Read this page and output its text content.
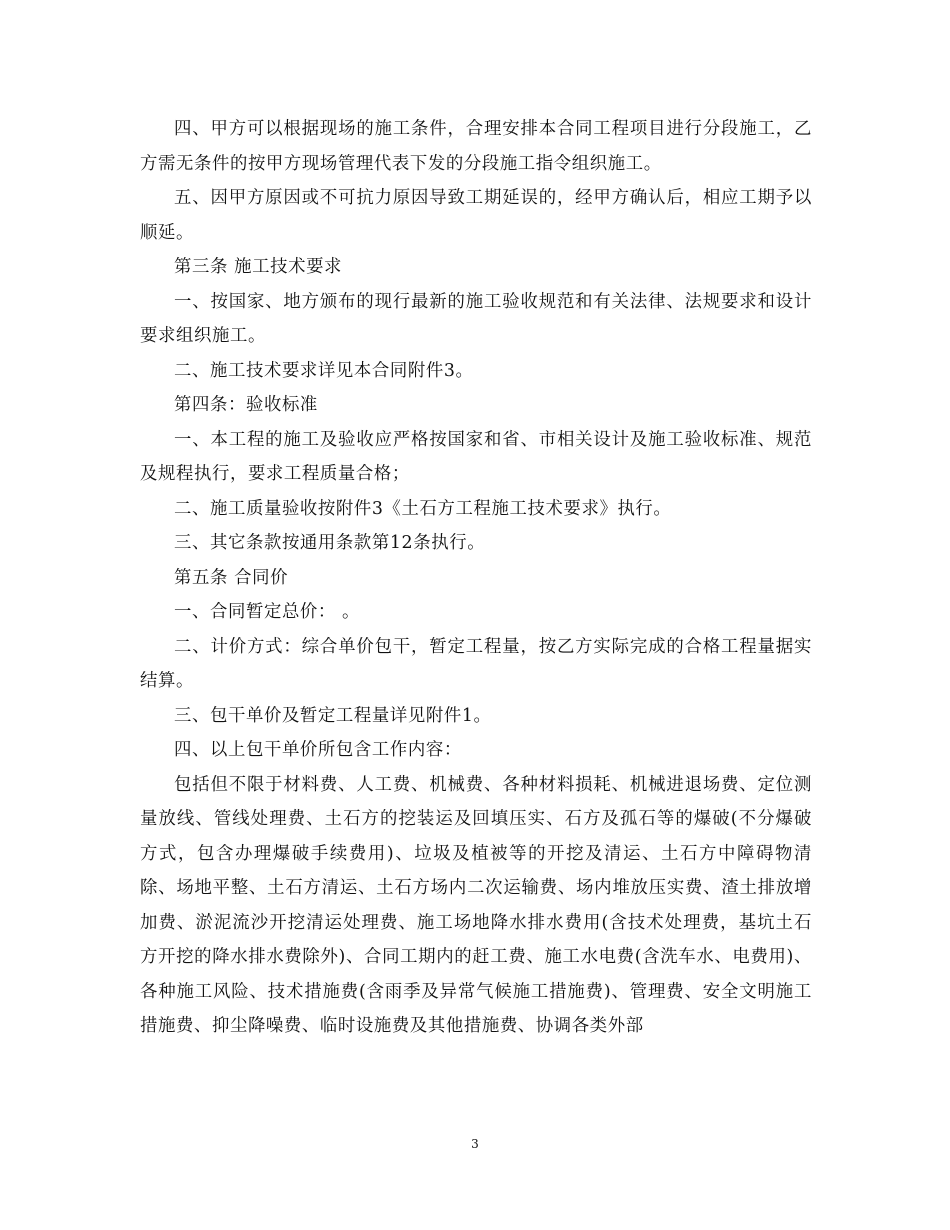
四、甲方可以根据现场的施工条件，合理安排本合同工程项目进行分段施工，乙方需无条件的按甲方现场管理代表下发的分段施工指令组织施工。

五、因甲方原因或不可抗力原因导致工期延误的，经甲方确认后，相应工期予以顺延。

第三条 施工技术要求

一、按国家、地方颁布的现行最新的施工验收规范和有关法律、法规要求和设计要求组织施工。

二、施工技术要求详见本合同附件3。

第四条：验收标准

一、本工程的施工及验收应严格按国家和省、市相关设计及施工验收标准、规范及规程执行，要求工程质量合格；

二、施工质量验收按附件3《土石方工程施工技术要求》执行。

三、其它条款按通用条款第12条执行。

第五条 合同价

一、合同暂定总价： 。

二、计价方式：综合单价包干，暂定工程量，按乙方实际完成的合格工程量据实结算。

三、包干单价及暂定工程量详见附件1。

四、以上包干单价所包含工作内容：

包括但不限于材料费、人工费、机械费、各种材料损耗、机械进退场费、定位测量放线、管线处理费、土石方的挖装运及回填压实、石方及孤石等的爆破(不分爆破方式，包含办理爆破手续费用)、垃圾及植被等的开挖及清运、土石方中障碍物清除、场地平整、土石方清运、土石方场内二次运输费、场内堆放压实费、渣土排放增加费、淤泥流沙开挖清运处理费、施工场地降水排水费用(含技术处理费，基坑土石方开挖的降水排水费除外)、合同工期内的赶工费、施工水电费(含洗车水、电费用)、各种施工风险、技术措施费(含雨季及异常气候施工措施费)、管理费、安全文明施工措施费、抑尘降噪费、临时设施费及其他措施费、协调各类外部

3
